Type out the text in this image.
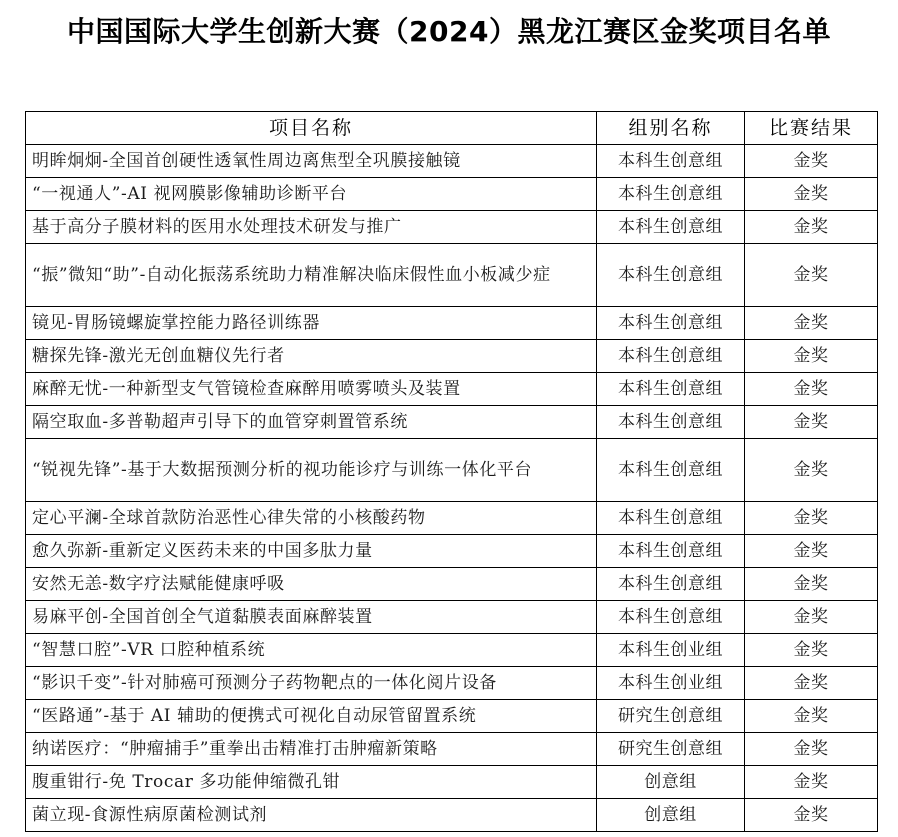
中国国际大学生创新大赛（2024）黑龙江赛区金奖项目名单
项目名称	组别名称	比赛结果
明眸炯炯-全国首创硬性透氧性周边离焦型全巩膜接触镜	本科生创意组	金奖
“一视通人”-AI 视网膜影像辅助诊断平台	本科生创意组	金奖
基于高分子膜材料的医用水处理技术研发与推广	本科生创意组	金奖
“振”微知“助”-自动化振荡系统助力精准解决临床假性血小板减少症	本科生创意组	金奖
镜见-胃肠镜螺旋掌控能力路径训练器	本科生创意组	金奖
糖探先锋-激光无创血糖仪先行者	本科生创意组	金奖
麻醉无忧-一种新型支气管镜检查麻醉用喷雾喷头及装置	本科生创意组	金奖
隔空取血-多普勒超声引导下的血管穿刺置管系统	本科生创意组	金奖
“锐视先锋”-基于大数据预测分析的视功能诊疗与训练一体化平台	本科生创意组	金奖
定心平澜-全球首款防治恶性心律失常的小核酸药物	本科生创意组	金奖
愈久弥新-重新定义医药未来的中国多肽力量	本科生创意组	金奖
安然无恙-数字疗法赋能健康呼吸	本科生创意组	金奖
易麻平创-全国首创全气道黏膜表面麻醉装置	本科生创意组	金奖
“智慧口腔”-VR 口腔种植系统	本科生创业组	金奖
“影识千变”-针对肺癌可预测分子药物靶点的一体化阅片设备	本科生创业组	金奖
“医路通”-基于 AI 辅助的便携式可视化自动尿管留置系统	研究生创意组	金奖
纳诺医疗：“肿瘤捕手”重拳出击精准打击肿瘤新策略	研究生创意组	金奖
腹重钳行-免 Trocar 多功能伸缩微孔钳	创意组	金奖
菌立现-食源性病原菌检测试剂	创意组	金奖
